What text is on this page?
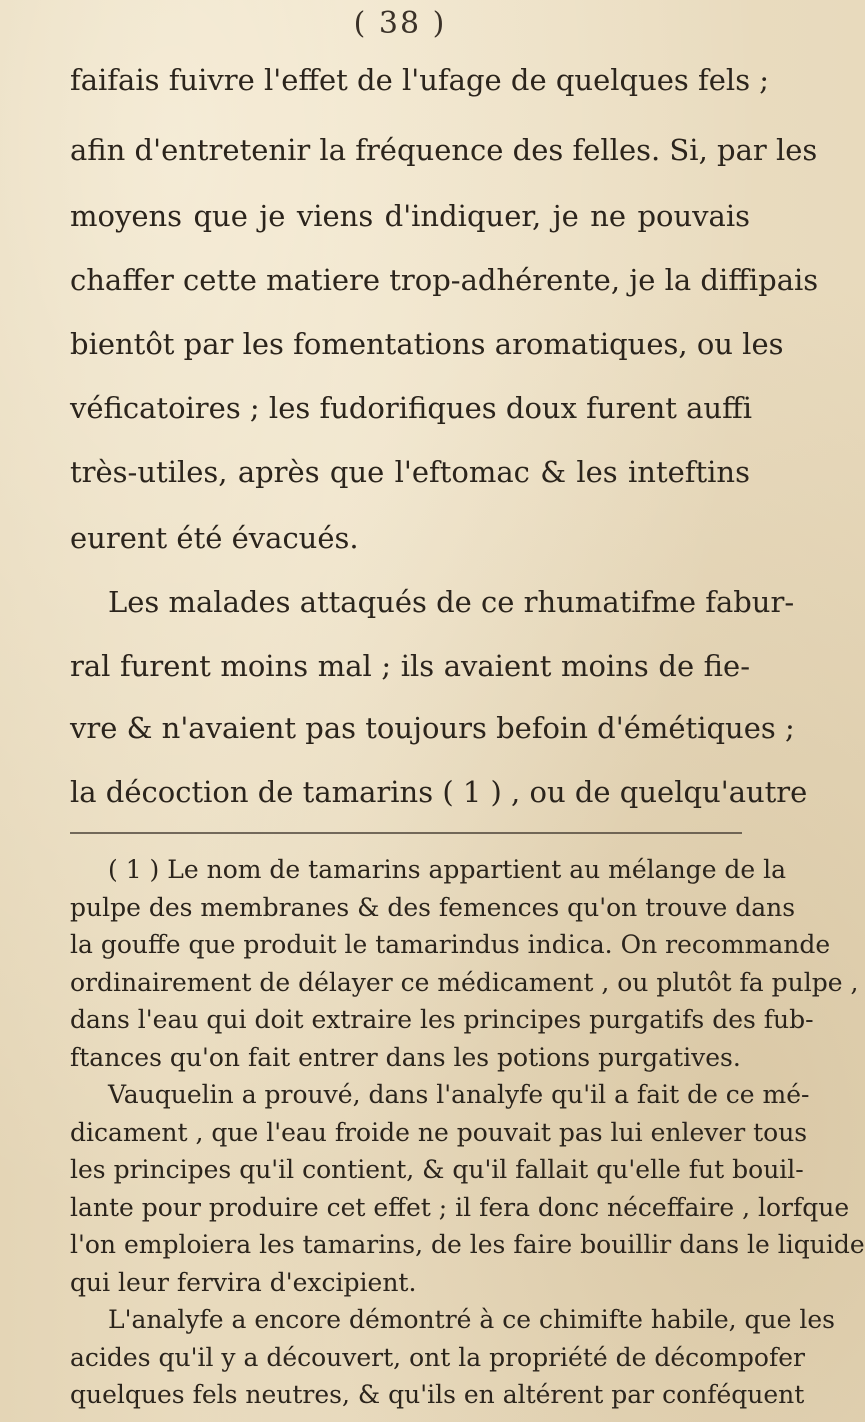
( 38 )
faifais fuivre l'effet de l'ufage de quelques fels ;
afin d'entretenir la fréquence des felles. Si, par les
moyens que je viens d'indiquer, je ne pouvais
chaffer cette matiere trop-adhérente, je la diffipais
bientôt par les fomentations aromatiques, ou les
véficatoires ; les fudorifiques doux furent auffi
très-utiles, après que l'eftomac & les inteftins
eurent été évacués.
Les malades attaqués de ce rhumatifme fabur-
ral furent moins mal ; ils avaient moins de fie-
vre & n'avaient pas toujours befoin d'émétiques ;
la décoction de tamarins ( 1 ) , ou de quelqu'autre
( 1 ) Le nom de tamarins appartient au mélange de la
pulpe des membranes & des femences qu'on trouve dans
la gouffe que produit le tamarindus indica. On recommande
ordinairement de délayer ce médicament , ou plutôt fa pulpe ,
dans l'eau qui doit extraire les principes purgatifs des fub-
ftances qu'on fait entrer dans les potions purgatives.
Vauquelin a prouvé, dans l'analyfe qu'il a fait de ce mé-
dicament , que l'eau froide ne pouvait pas lui enlever tous
les principes qu'il contient, & qu'il fallait qu'elle fut bouil-
lante pour produire cet effet ; il fera donc néceffaire , lorfque
l'on emploiera les tamarins, de les faire bouillir dans le liquide
qui leur fervira d'excipient.
L'analyfe a encore démontré à ce chimifte habile, que les
acides qu'il y a découvert, ont la propriété de décompofer
quelques fels neutres, & qu'ils en altérent par conféquent
